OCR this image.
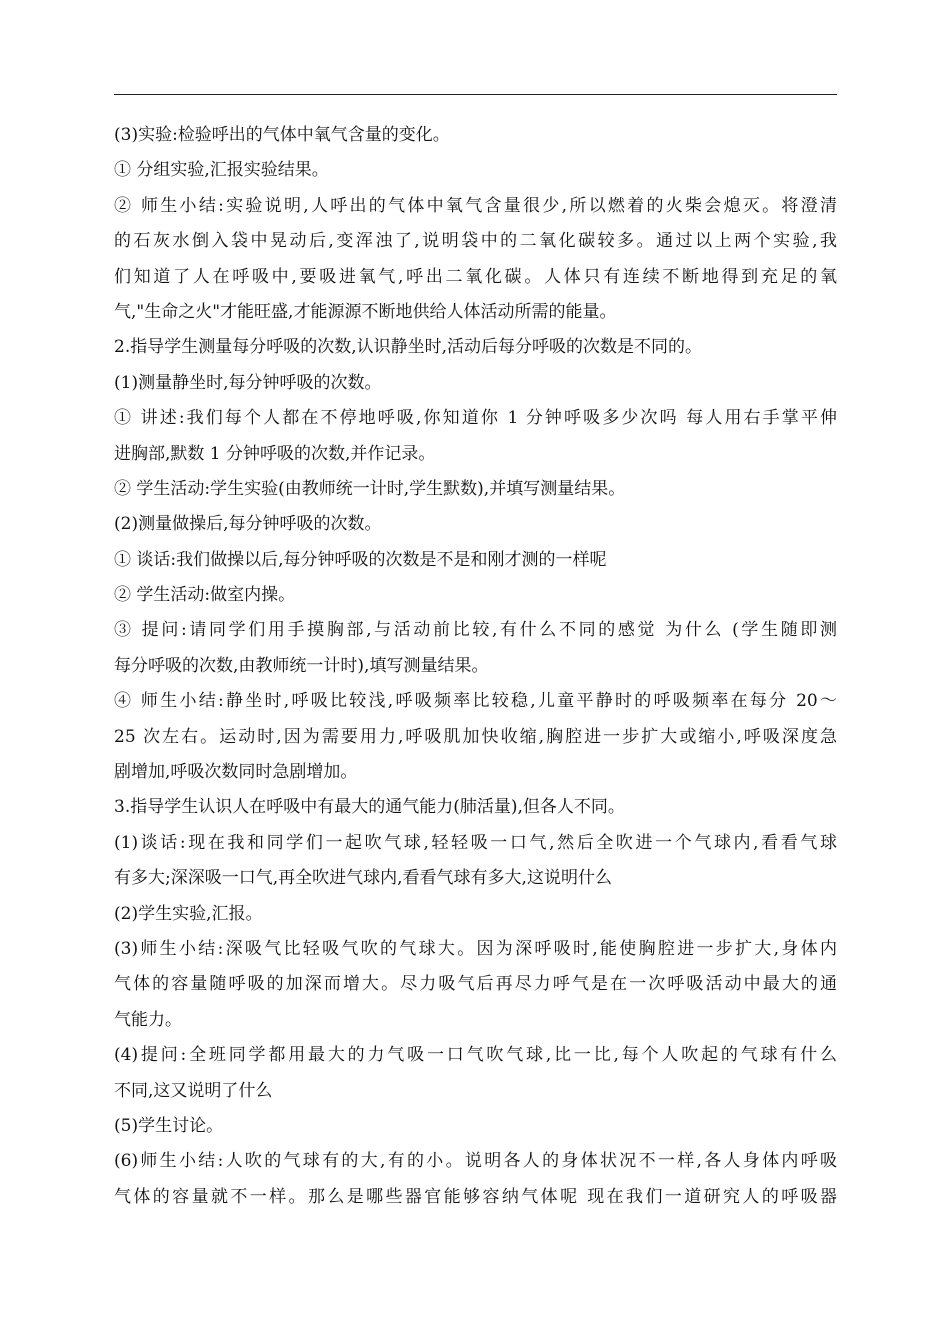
(3)实验:检验呼出的气体中氧气含量的变化。
① 分组实验,汇报实验结果。
② 师生小结:实验说明,人呼出的气体中氧气含量很少,所以燃着的火柴会熄灭。将澄清
的石灰水倒入袋中晃动后,变浑浊了,说明袋中的二氧化碳较多。通过以上两个实验,我
们知道了人在呼吸中,要吸进氧气,呼出二氧化碳。人体只有连续不断地得到充足的氧
气,"生命之火"才能旺盛,才能源源不断地供给人体活动所需的能量。
2.指导学生测量每分呼吸的次数,认识静坐时,活动后每分呼吸的次数是不同的。
(1)测量静坐时,每分钟呼吸的次数。
① 讲述:我们每个人都在不停地呼吸,你知道你 1 分钟呼吸多少次吗 每人用右手掌平伸
进胸部,默数 1 分钟呼吸的次数,并作记录。
② 学生活动:学生实验(由教师统一计时,学生默数),并填写测量结果。
(2)测量做操后,每分钟呼吸的次数。
① 谈话:我们做操以后,每分钟呼吸的次数是不是和刚才测的一样呢
② 学生活动:做室内操。
③ 提问:请同学们用手摸胸部,与活动前比较,有什么不同的感觉 为什么 (学生随即测
每分呼吸的次数,由教师统一计时),填写测量结果。
④ 师生小结:静坐时,呼吸比较浅,呼吸频率比较稳,儿童平静时的呼吸频率在每分 20～
25 次左右。运动时,因为需要用力,呼吸肌加快收缩,胸腔进一步扩大或缩小,呼吸深度急
剧增加,呼吸次数同时急剧增加。
3.指导学生认识人在呼吸中有最大的通气能力(肺活量),但各人不同。
(1)谈话:现在我和同学们一起吹气球,轻轻吸一口气,然后全吹进一个气球内,看看气球
有多大;深深吸一口气,再全吹进气球内,看看气球有多大,这说明什么
(2)学生实验,汇报。
(3)师生小结:深吸气比轻吸气吹的气球大。因为深呼吸时,能使胸腔进一步扩大,身体内
气体的容量随呼吸的加深而增大。尽力吸气后再尽力呼气是在一次呼吸活动中最大的通
气能力。
(4)提问:全班同学都用最大的力气吸一口气吹气球,比一比,每个人吹起的气球有什么
不同,这又说明了什么
(5)学生讨论。
(6)师生小结:人吹的气球有的大,有的小。说明各人的身体状况不一样,各人身体内呼吸
气体的容量就不一样。那么是哪些器官能够容纳气体呢 现在我们一道研究人的呼吸器
